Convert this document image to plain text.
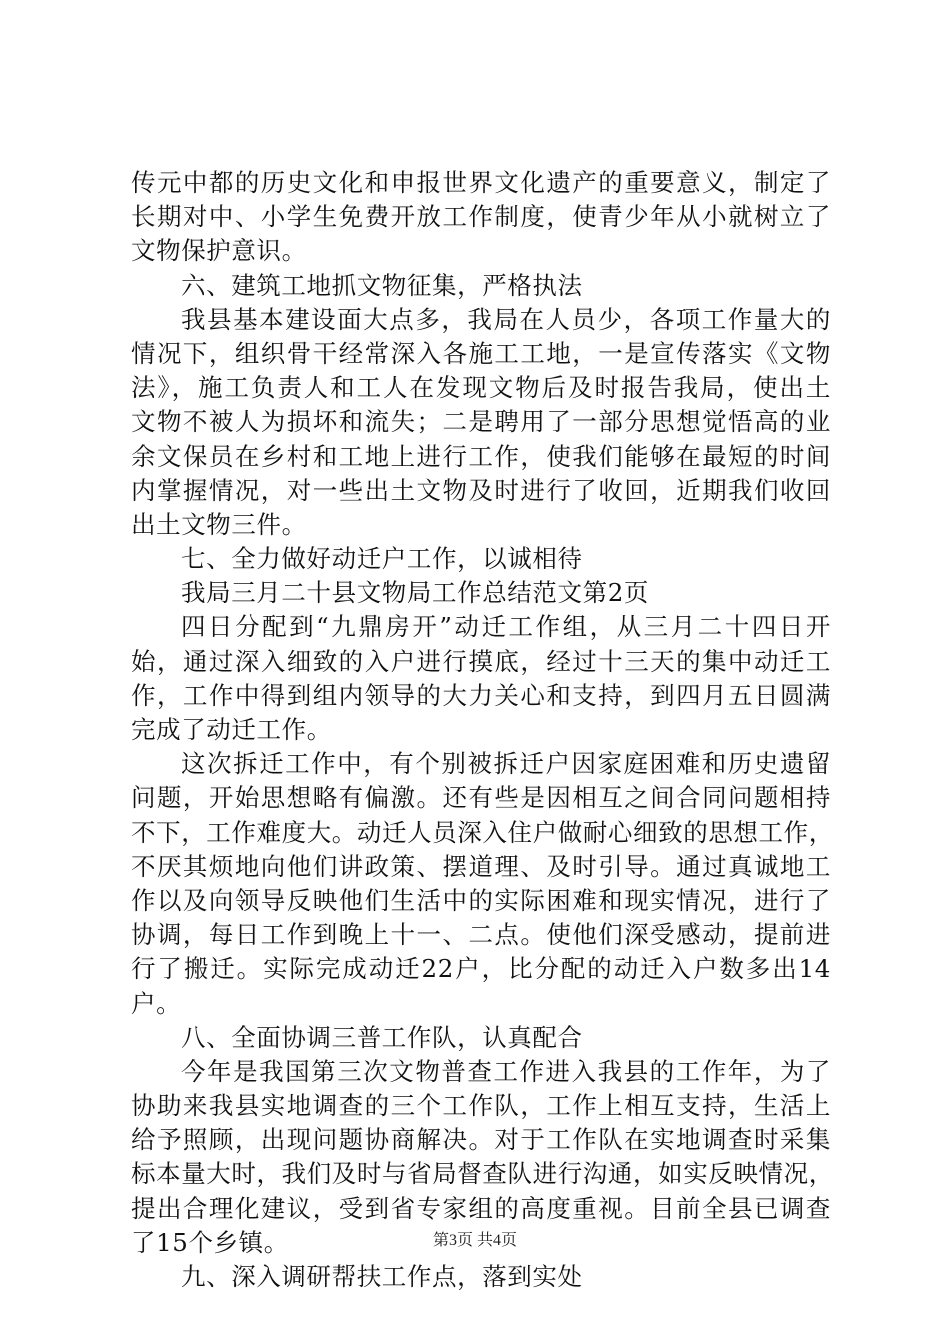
传元中都的历史文化和申报世界文化遗产的重要意义，制定了
长期对中、小学生免费开放工作制度，使青少年从小就树立了
文物保护意识。
六、建筑工地抓文物征集，严格执法
我县基本建设面大点多，我局在人员少，各项工作量大的
情况下，组织骨干经常深入各施工工地，一是宣传落实《文物
法》，施工负责人和工人在发现文物后及时报告我局，使出土
文物不被人为损坏和流失；二是聘用了一部分思想觉悟高的业
余文保员在乡村和工地上进行工作，使我们能够在最短的时间
内掌握情况，对一些出土文物及时进行了收回，近期我们收回
出土文物三件。
七、全力做好动迁户工作，以诚相待
我局三月二十县文物局工作总结范文第2页
四日分配到“九鼎房开”动迁工作组，从三月二十四日开
始，通过深入细致的入户进行摸底，经过十三天的集中动迁工
作，工作中得到组内领导的大力关心和支持，到四月五日圆满
完成了动迁工作。
这次拆迁工作中，有个别被拆迁户因家庭困难和历史遗留
问题，开始思想略有偏激。还有些是因相互之间合同问题相持
不下，工作难度大。动迁人员深入住户做耐心细致的思想工作，
不厌其烦地向他们讲政策、摆道理、及时引导。通过真诚地工
作以及向领导反映他们生活中的实际困难和现实情况，进行了
协调，每日工作到晚上十一、二点。使他们深受感动，提前进
行了搬迁。实际完成动迁22户，比分配的动迁入户数多出14
户。
八、全面协调三普工作队，认真配合
今年是我国第三次文物普查工作进入我县的工作年，为了
协助来我县实地调查的三个工作队，工作上相互支持，生活上
给予照顾，出现问题协商解决。对于工作队在实地调查时采集
标本量大时，我们及时与省局督查队进行沟通，如实反映情况，
提出合理化建议，受到省专家组的高度重视。目前全县已调查
了15个乡镇。
九、深入调研帮扶工作点，落到实处
第3页 共4页
